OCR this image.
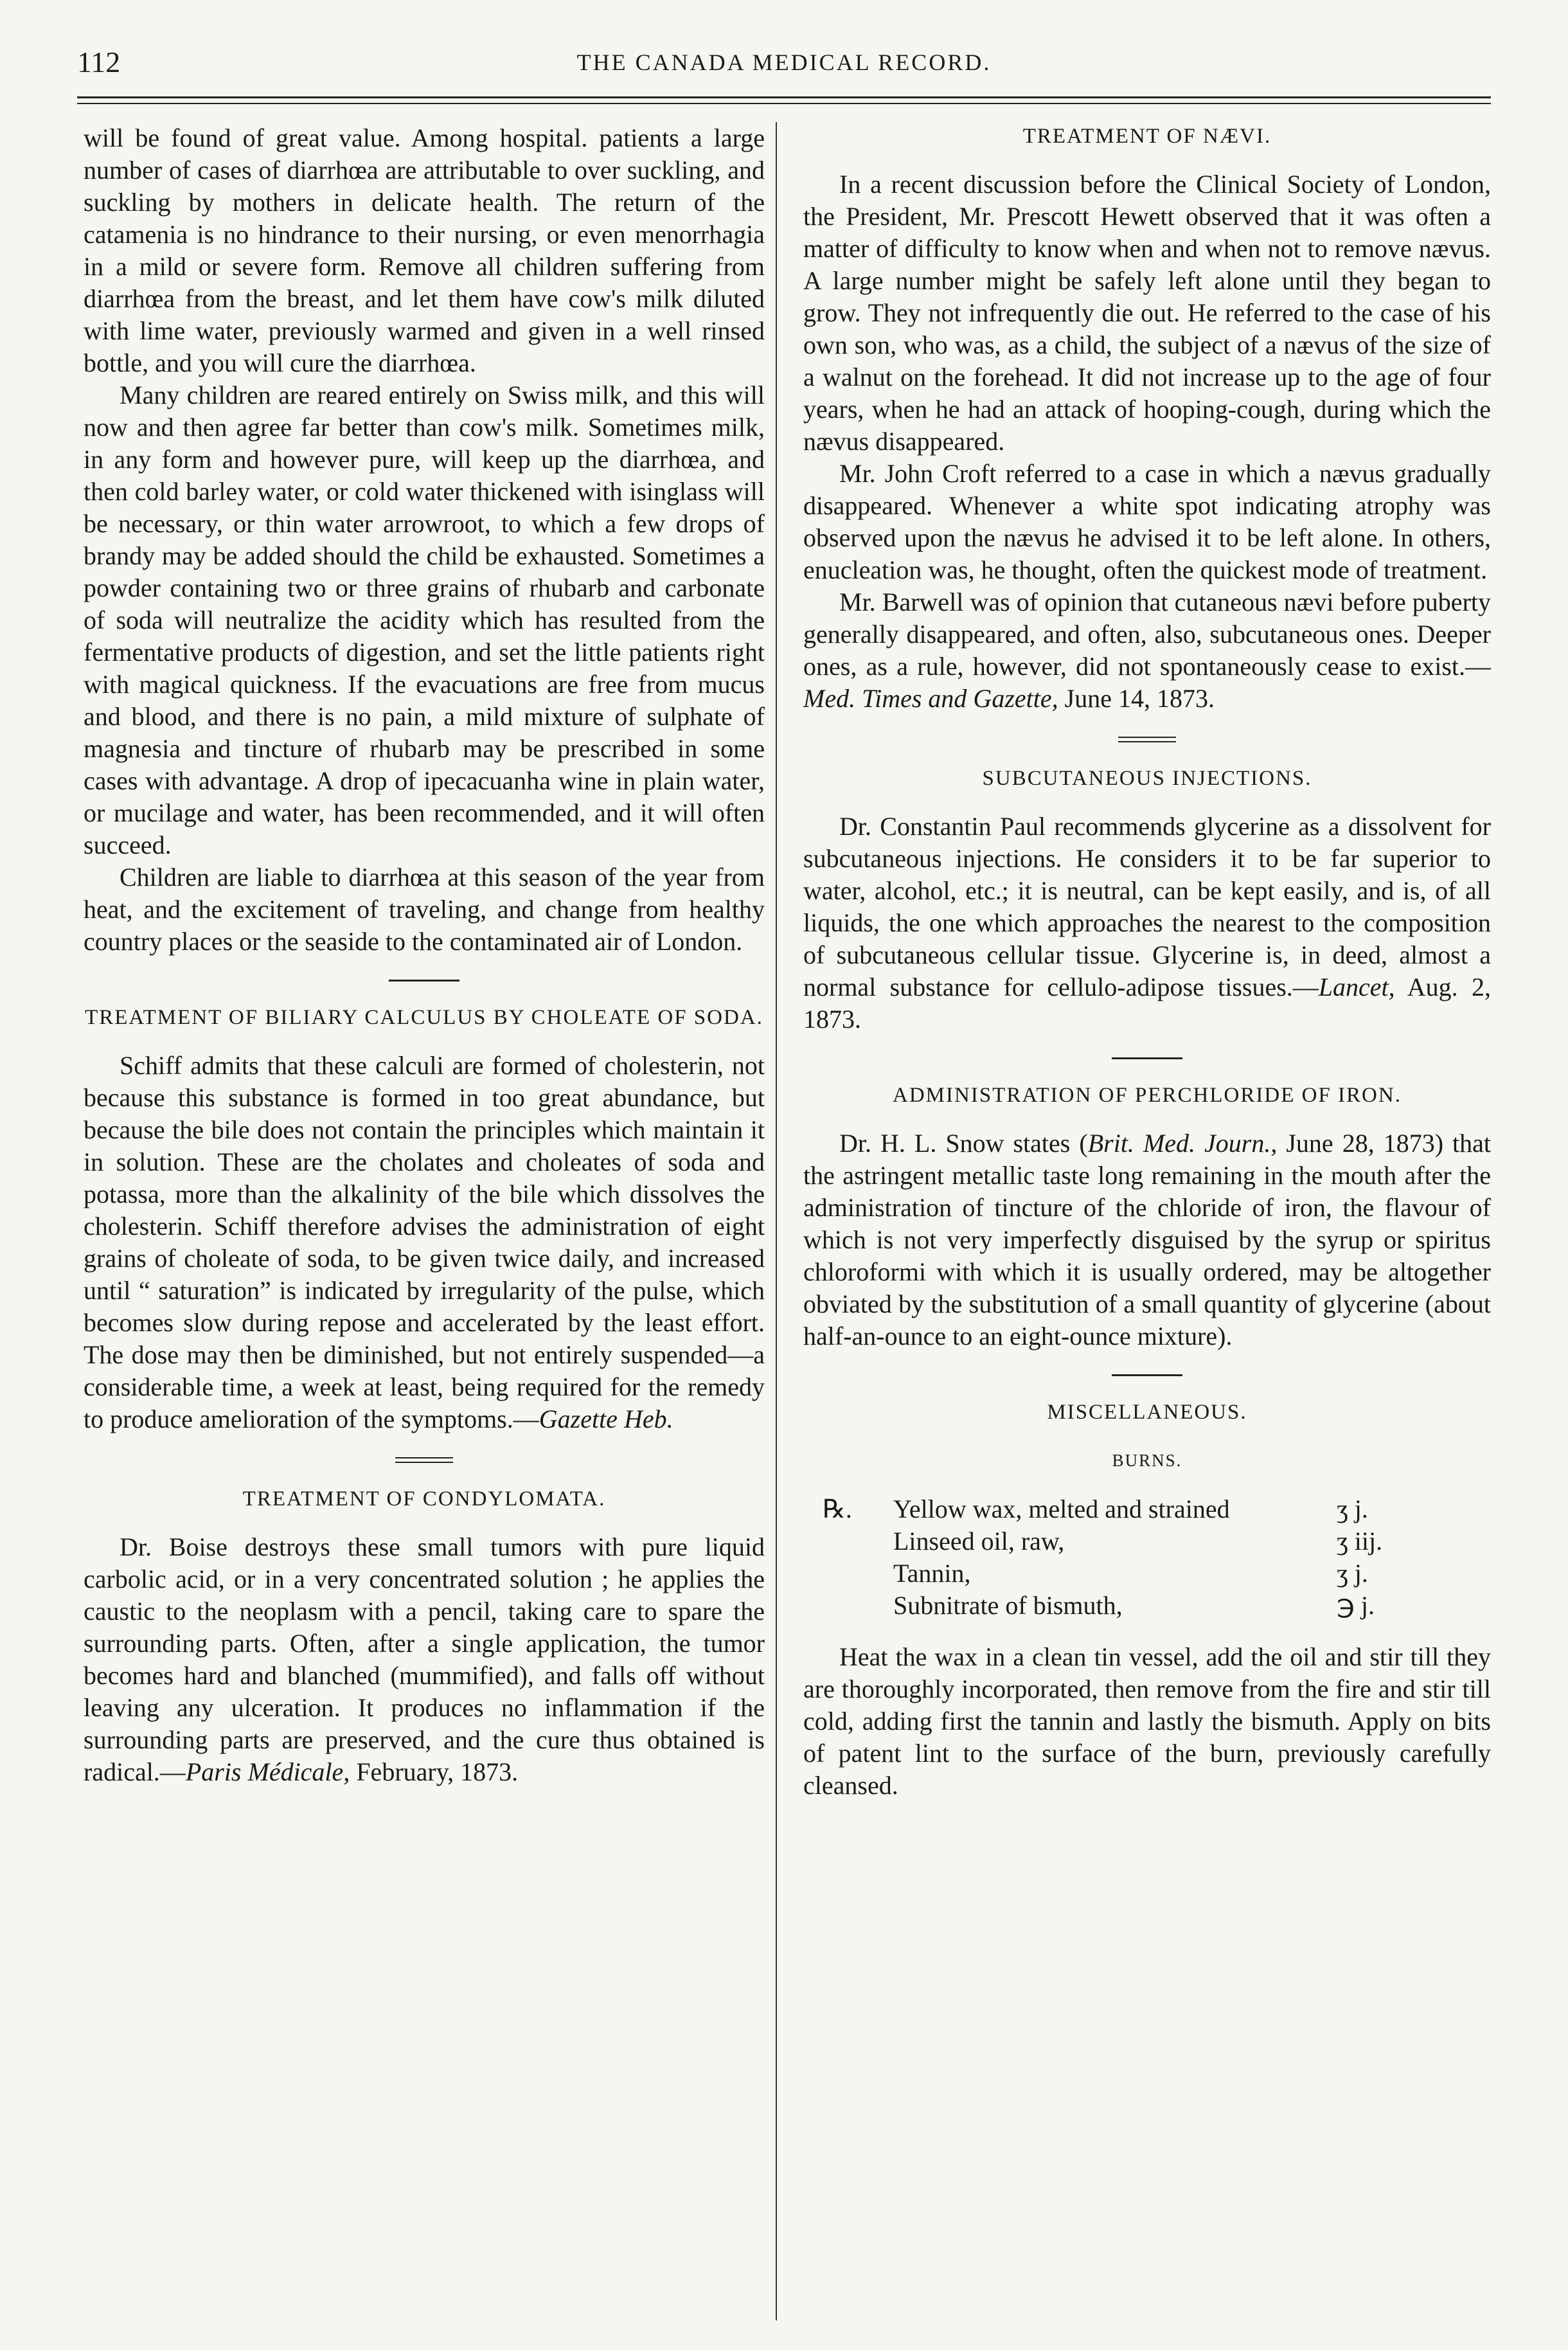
112	THE CANADA MEDICAL RECORD.

will be found of great value. Among hospital. patients a large number of cases of diarrhœa are attributable to over suckling, and suckling by mothers in delicate health. The return of the catamenia is no hindrance to their nursing, or even menorrhagia in a mild or severe form. Remove all children suffering from diarrhœa from the breast, and let them have cow's milk diluted with lime water, previously warmed and given in a well rinsed bottle, and you will cure the diarrhœa.

Many children are reared entirely on Swiss milk, and this will now and then agree far better than cow's milk. Sometimes milk, in any form and however pure, will keep up the diarrhœa, and then cold barley water, or cold water thickened with isinglass will be necessary, or thin water arrowroot, to which a few drops of brandy may be added should the child be exhausted. Sometimes a powder containing two or three grains of rhubarb and carbonate of soda will neutralize the acidity which has resulted from the fermentative products of digestion, and set the little patients right with magical quickness. If the evacuations are free from mucus and blood, and there is no pain, a mild mixture of sulphate of magnesia and tincture of rhubarb may be prescribed in some cases with advantage. A drop of ipecacuanha wine in plain water, or mucilage and water, has been recommended, and it will often succeed.

Children are liable to diarrhœa at this season of the year from heat, and the excitement of traveling, and change from healthy country places or the seaside to the contaminated air of London.

TREATMENT OF BILIARY CALCULUS BY CHOLEATE OF SODA.

Schiff admits that these calculi are formed of cholesterin, not because this substance is formed in too great abundance, but because the bile does not contain the principles which maintain it in solution. These are the cholates and choleates of soda and potassa, more than the alkalinity of the bile which dissolves the cholesterin. Schiff therefore advises the administration of eight grains of choleate of soda, to be given twice daily, and increased until “ saturation” is indicated by irregularity of the pulse, which becomes slow during repose and accelerated by the least effort. The dose may then be diminished, but not entirely suspended—a considerable time, a week at least, being required for the remedy to produce amelioration of the symptoms.—Gazette Heb.

TREATMENT OF CONDYLOMATA.

Dr. Boise destroys these small tumors with pure liquid carbolic acid, or in a very concentrated solution ; he applies the caustic to the neoplasm with a pencil, taking care to spare the surrounding parts. Often, after a single application, the tumor becomes hard and blanched (mummified), and falls off without leaving any ulceration. It produces no inflammation if the surrounding parts are preserved, and the cure thus obtained is radical.—Paris Médicale, February, 1873.

TREATMENT OF NÆVI.

In a recent discussion before the Clinical Society of London, the President, Mr. Prescott Hewett observed that it was often a matter of difficulty to know when and when not to remove nævus. A large number might be safely left alone until they began to grow. They not infrequently die out. He referred to the case of his own son, who was, as a child, the subject of a nævus of the size of a walnut on the forehead. It did not increase up to the age of four years, when he had an attack of hooping-cough, during which the nævus disappeared.

Mr. John Croft referred to a case in which a nævus gradually disappeared. Whenever a white spot indicating atrophy was observed upon the nævus he advised it to be left alone. In others, enucleation was, he thought, often the quickest mode of treatment.

Mr. Barwell was of opinion that cutaneous nævi before puberty generally disappeared, and often, also, subcutaneous ones. Deeper ones, as a rule, however, did not spontaneously cease to exist.—Med. Times and Gazette, June 14, 1873.

SUBCUTANEOUS INJECTIONS.

Dr. Constantin Paul recommends glycerine as a dissolvent for subcutaneous injections. He considers it to be far superior to water, alcohol, etc.; it is neutral, can be kept easily, and is, of all liquids, the one which approaches the nearest to the composition of subcutaneous cellular tissue. Glycerine is, in deed, almost a normal substance for cellulo-adipose tissues.—Lancet, Aug. 2, 1873.

ADMINISTRATION OF PERCHLORIDE OF IRON.

Dr. H. L. Snow states (Brit. Med. Journ., June 28, 1873) that the astringent metallic taste long remaining in the mouth after the administration of tincture of the chloride of iron, the flavour of which is not very imperfectly disguised by the syrup or spiritus chloroformi with which it is usually ordered, may be altogether obviated by the substitution of a small quantity of glycerine (about half-an-ounce to an eight-ounce mixture).

MISCELLANEOUS.
BURNS.
℞.	Yellow wax, melted and strained	ʒ j.
Linseed oil, raw,	ʒ iij.
Tannin,	ʒ j.
Subnitrate of bismuth,	℈ j.

Heat the wax in a clean tin vessel, add the oil and stir till they are thoroughly incorporated, then remove from the fire and stir till cold, adding first the tannin and lastly the bismuth. Apply on bits of patent lint to the surface of the burn, previously carefully cleansed.
